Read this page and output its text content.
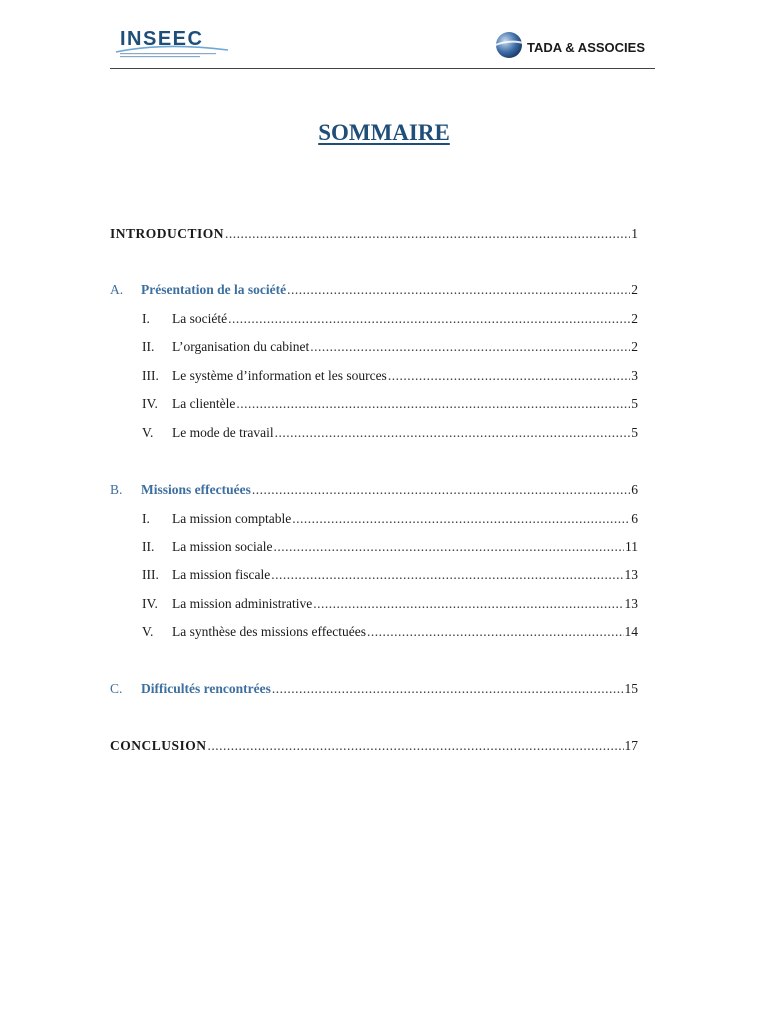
INSEEC	$_{TADA \& ASSOCIES}$
SOMMAIRE
INTRODUCTION .....	1
A.	Présentation de la société .....	2
I.	La société .....	2
II.	L’organisation du cabinet .....	2
III. Le système d’information et les sources .....	3
IV.	La clientèle .....	5
V.	Le mode de travail .....	5
B.	Missions effectuées .....	6
I.	La mission comptable .....	6
II.	La mission sociale .....	11
III. La mission fiscale .....	13
IV.	La mission administrative .....	13
V.	La synthèse des missions effectuées .....	14
C.	Difficultés rencontrées .....	15
CONCLUSION .....	17
